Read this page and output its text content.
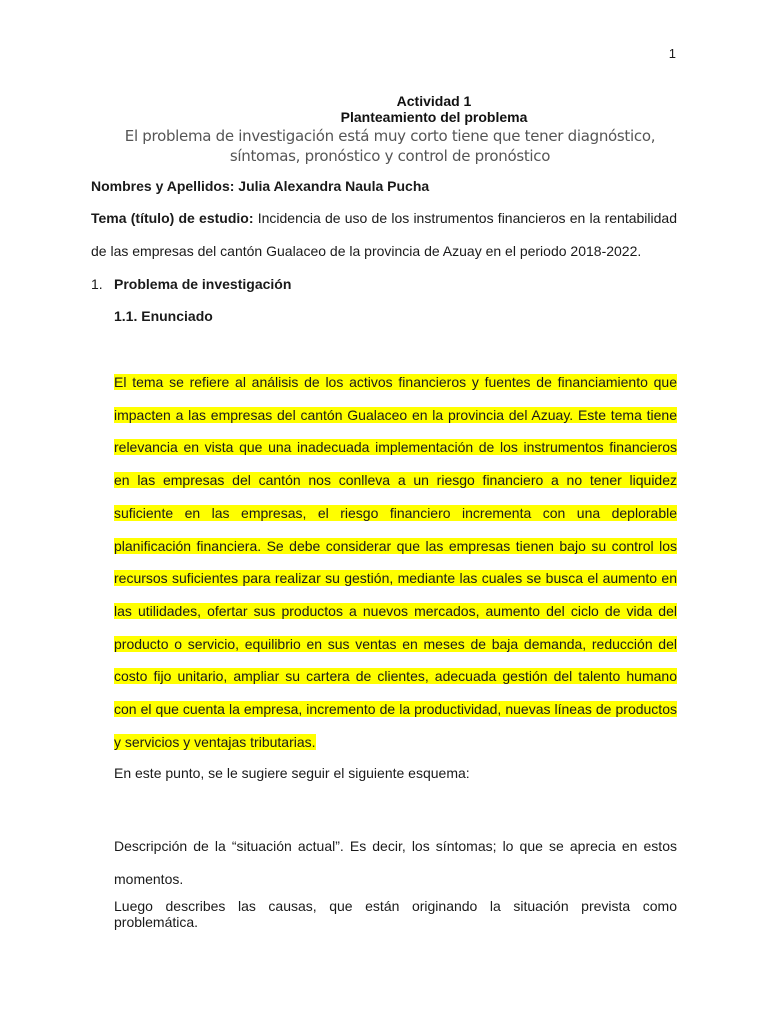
1
Actividad 1
Planteamiento del problema
El problema de investigación está muy corto tiene que tener diagnóstico, síntomas, pronóstico y control de pronóstico
Nombres y Apellidos: Julia Alexandra Naula Pucha
Tema (título) de estudio: Incidencia de uso de los instrumentos financieros en la rentabilidad de las empresas del cantón Gualaceo de la provincia de Azuay en el periodo 2018-2022.
1. Problema de investigación
1.1. Enunciado
El tema se refiere al análisis de los activos financieros y fuentes de financiamiento que impacten a las empresas del cantón Gualaceo en la provincia del Azuay. Este tema tiene relevancia en vista que una inadecuada implementación de los instrumentos financieros en las empresas del cantón nos conlleva a un riesgo financiero a no tener liquidez suficiente en las empresas, el riesgo financiero incrementa con una deplorable planificación financiera. Se debe considerar que las empresas tienen bajo su control los recursos suficientes para realizar su gestión, mediante las cuales se busca el aumento en las utilidades, ofertar sus productos a nuevos mercados, aumento del ciclo de vida del producto o servicio, equilibrio en sus ventas en meses de baja demanda, reducción del costo fijo unitario, ampliar su cartera de clientes, adecuada gestión del talento humano con el que cuenta la empresa, incremento de la productividad, nuevas líneas de productos y servicios y ventajas tributarias.
En este punto, se le sugiere seguir el siguiente esquema:
Descripción de la “situación actual”. Es decir, los síntomas; lo que se aprecia en estos momentos.
Luego describes las causas, que están originando la situación prevista como problemática.
